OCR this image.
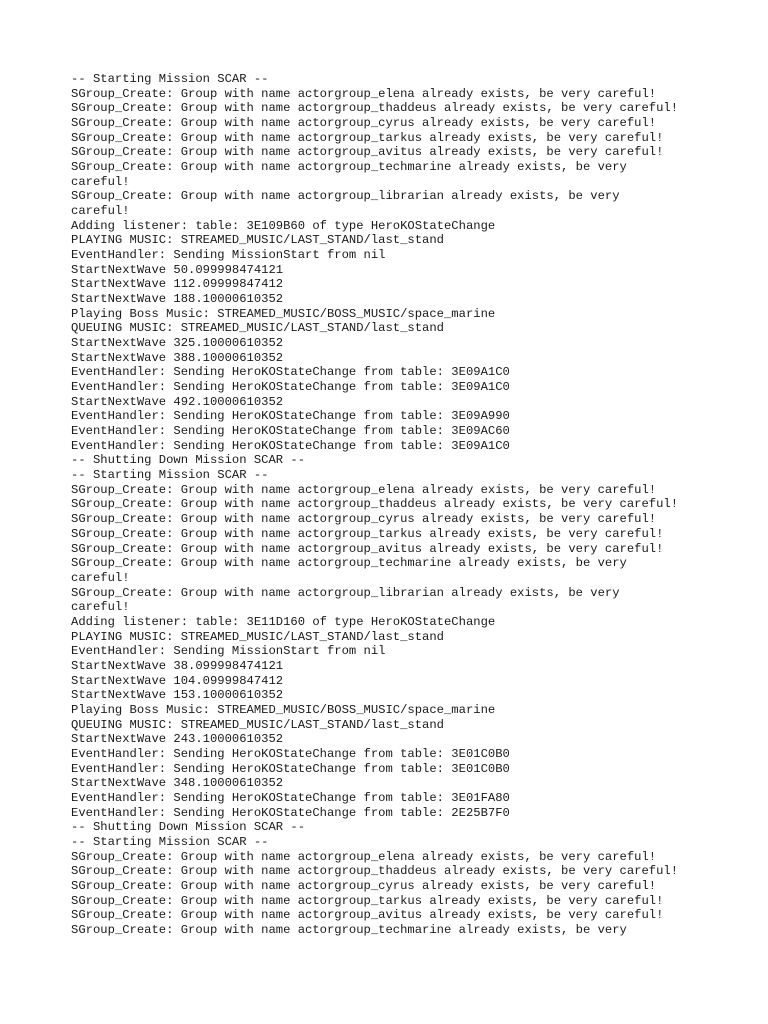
-- Starting Mission SCAR --
SGroup_Create: Group with name actorgroup_elena already exists, be very careful!
SGroup_Create: Group with name actorgroup_thaddeus already exists, be very careful!
SGroup_Create: Group with name actorgroup_cyrus already exists, be very careful!
SGroup_Create: Group with name actorgroup_tarkus already exists, be very careful!
SGroup_Create: Group with name actorgroup_avitus already exists, be very careful!
SGroup_Create: Group with name actorgroup_techmarine already exists, be very
careful!
SGroup_Create: Group with name actorgroup_librarian already exists, be very
careful!
Adding listener: table: 3E109B60 of type HeroKOStateChange
PLAYING MUSIC: STREAMED_MUSIC/LAST_STAND/last_stand
EventHandler: Sending MissionStart from nil
StartNextWave 50.099998474121
StartNextWave 112.09999847412
StartNextWave 188.10000610352
Playing Boss Music: STREAMED_MUSIC/BOSS_MUSIC/space_marine
QUEUING MUSIC: STREAMED_MUSIC/LAST_STAND/last_stand
StartNextWave 325.10000610352
StartNextWave 388.10000610352
EventHandler: Sending HeroKOStateChange from table: 3E09A1C0
EventHandler: Sending HeroKOStateChange from table: 3E09A1C0
StartNextWave 492.10000610352
EventHandler: Sending HeroKOStateChange from table: 3E09A990
EventHandler: Sending HeroKOStateChange from table: 3E09AC60
EventHandler: Sending HeroKOStateChange from table: 3E09A1C0
-- Shutting Down Mission SCAR --
-- Starting Mission SCAR --
SGroup_Create: Group with name actorgroup_elena already exists, be very careful!
SGroup_Create: Group with name actorgroup_thaddeus already exists, be very careful!
SGroup_Create: Group with name actorgroup_cyrus already exists, be very careful!
SGroup_Create: Group with name actorgroup_tarkus already exists, be very careful!
SGroup_Create: Group with name actorgroup_avitus already exists, be very careful!
SGroup_Create: Group with name actorgroup_techmarine already exists, be very
careful!
SGroup_Create: Group with name actorgroup_librarian already exists, be very
careful!
Adding listener: table: 3E11D160 of type HeroKOStateChange
PLAYING MUSIC: STREAMED_MUSIC/LAST_STAND/last_stand
EventHandler: Sending MissionStart from nil
StartNextWave 38.099998474121
StartNextWave 104.09999847412
StartNextWave 153.10000610352
Playing Boss Music: STREAMED_MUSIC/BOSS_MUSIC/space_marine
QUEUING MUSIC: STREAMED_MUSIC/LAST_STAND/last_stand
StartNextWave 243.10000610352
EventHandler: Sending HeroKOStateChange from table: 3E01C0B0
EventHandler: Sending HeroKOStateChange from table: 3E01C0B0
StartNextWave 348.10000610352
EventHandler: Sending HeroKOStateChange from table: 3E01FA80
EventHandler: Sending HeroKOStateChange from table: 2E25B7F0
-- Shutting Down Mission SCAR --
-- Starting Mission SCAR --
SGroup_Create: Group with name actorgroup_elena already exists, be very careful!
SGroup_Create: Group with name actorgroup_thaddeus already exists, be very careful!
SGroup_Create: Group with name actorgroup_cyrus already exists, be very careful!
SGroup_Create: Group with name actorgroup_tarkus already exists, be very careful!
SGroup_Create: Group with name actorgroup_avitus already exists, be very careful!
SGroup_Create: Group with name actorgroup_techmarine already exists, be very
